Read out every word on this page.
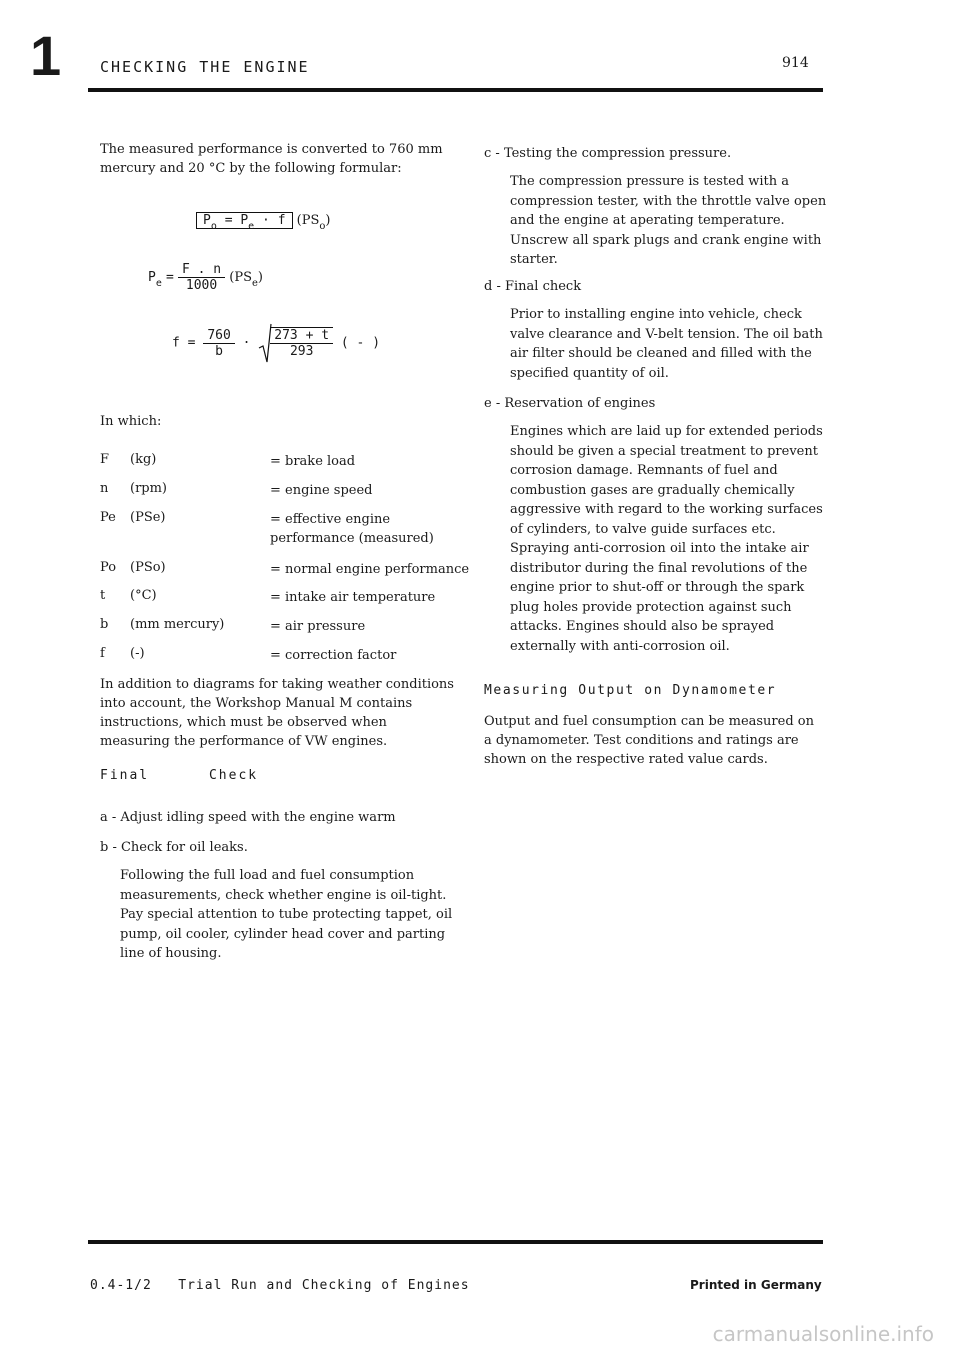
1	CHECKING THE ENGINE	914
The measured performance is converted to 760 mm mercury and 20 °C by the following formular:
$P_o = P_e \cdot f$ $(PS_o)$
$P_e = \frac{F . n}{1000} (PS_e)$
$f = \frac{760}{b} \cdot \frac{273 + t}{293}$ ( - )
In which:
F (kg)	= brake load
n (rpm)	= engine speed
Pe (PSe)	= effective engine performance (measured)
Po (PSo)	= normal engine performance
t (°C)	= intake air temperature
b (mm mercury)	= air pressure
f (-)	= correction factor
In addition to diagrams for taking weather conditions into account, the Workshop Manual M contains instructions, which must be observed when measuring the performance of VW engines.
Final	Check
a - Adjust idling speed with the engine warm
b - Check for oil leaks.
Following the full load and fuel consumption measurements, check whether engine is oil-tight. Pay special attention to tube protecting tappet, oil pump, oil cooler, cylinder head cover and parting line of housing.
c - Testing the compression pressure.
The compression pressure is tested with a compression tester, with the throttle valve open and the engine at aperating temperature. Unscrew all spark plugs and crank engine with starter.
d - Final check
Prior to installing engine into vehicle, check valve clearance and V-belt tension. The oil bath air filter should be cleaned and filled with the specified quantity of oil.
e - Reservation of engines
Engines which are laid up for extended periods should be given a special treatment to prevent corrosion damage. Remnants of fuel and combustion gases are gradually chemically aggressive with regard to the working surfaces of cylinders, to valve guide surfaces etc. Spraying anti-corrosion oil into the intake air distributor during the final revolutions of the engine prior to shut-off or through the spark plug holes provide protection against such attacks. Engines should also be sprayed externally with anti-corrosion oil.
Measuring Output on Dynamometer
Output and fuel consumption can be measured on a dynamometer. Test conditions and ratings are shown on the respective rated value cards.
0.4-1/2   Trial Run and Checking of Engines	Printed in Germany
carmanualsonline.info
